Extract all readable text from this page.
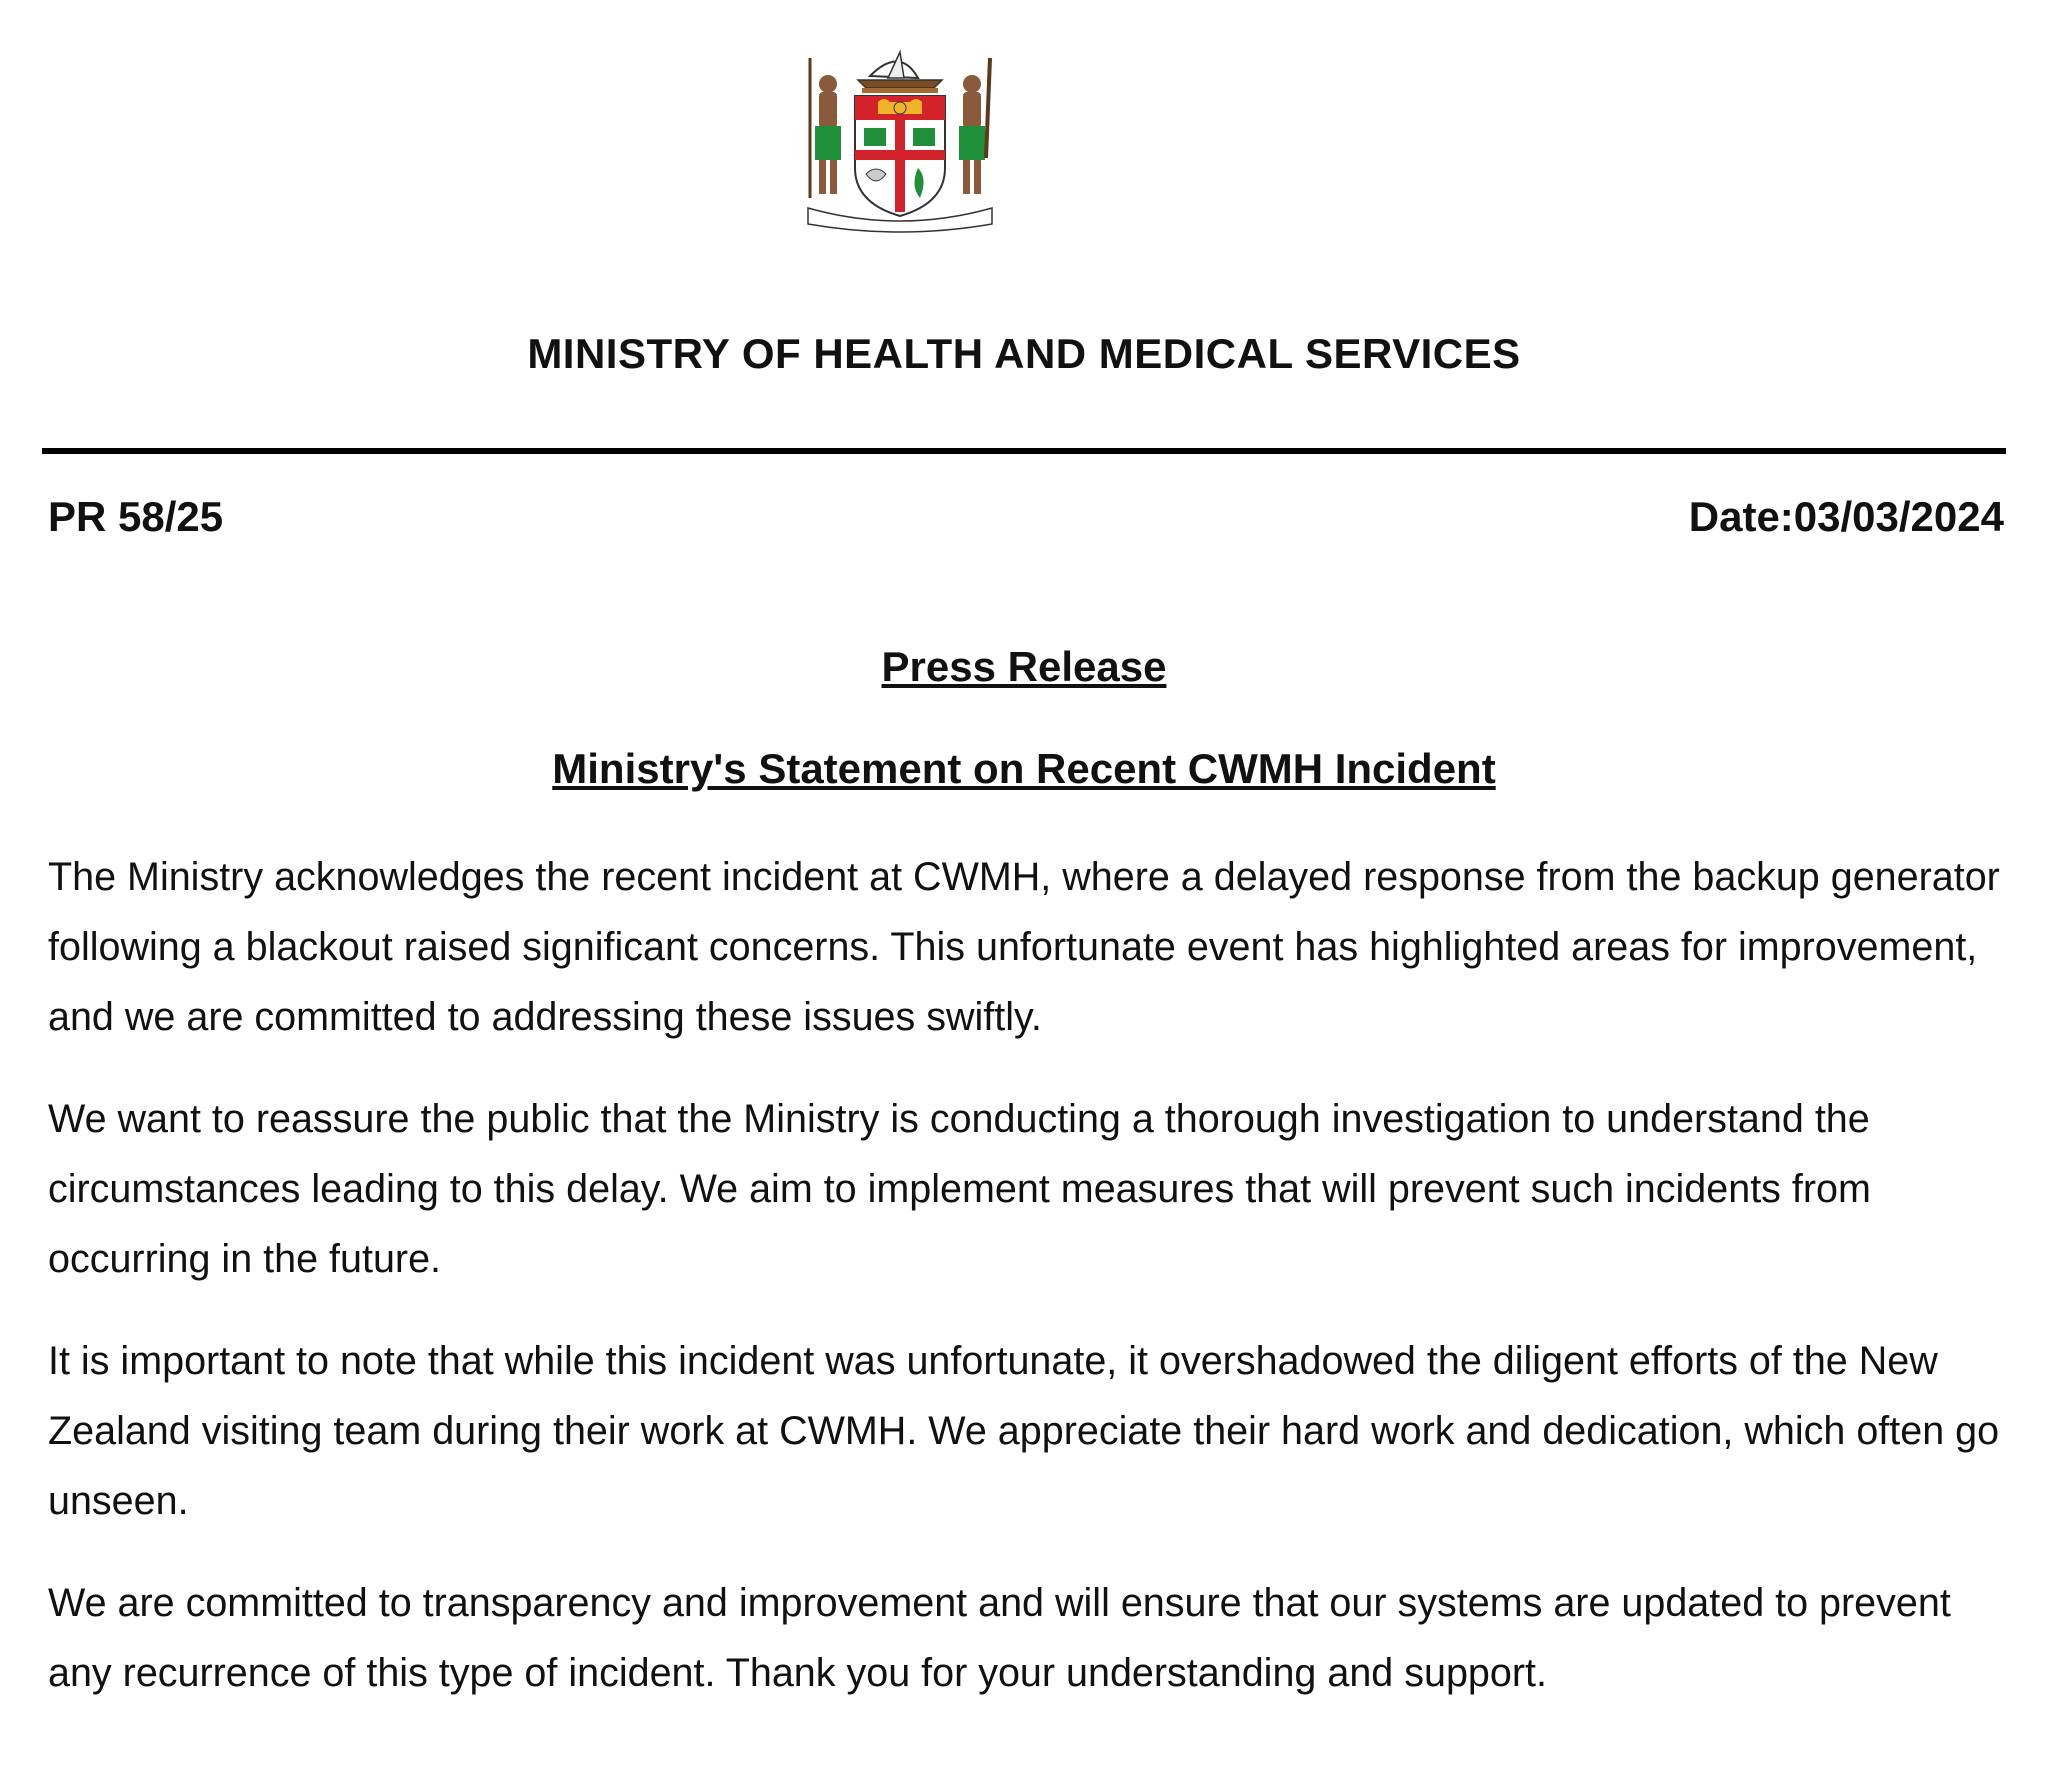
MINISTRY OF HEALTH AND MEDICAL SERVICES
PR 58/25	Date:03/03/2024
Press Release
Ministry's Statement on Recent CWMH Incident

The Ministry acknowledges the recent incident at CWMH, where a delayed response from the backup generator following a blackout raised significant concerns. This unfortunate event has highlighted areas for improvement, and we are committed to addressing these issues swiftly.

We want to reassure the public that the Ministry is conducting a thorough investigation to understand the circumstances leading to this delay. We aim to implement measures that will prevent such incidents from occurring in the future.

It is important to note that while this incident was unfortunate, it overshadowed the diligent efforts of the New Zealand visiting team during their work at CWMH. We appreciate their hard work and dedication, which often go unseen.

We are committed to transparency and improvement and will ensure that our systems are updated to prevent any recurrence of this type of incident. Thank you for your understanding and support.
